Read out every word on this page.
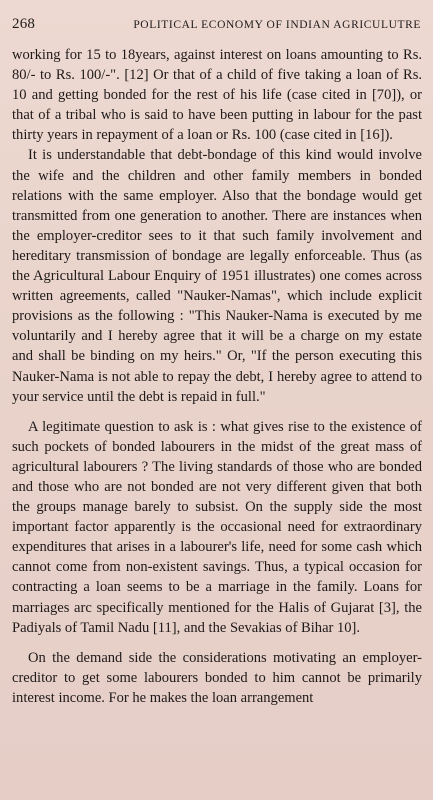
268	POLITICAL ECONOMY OF INDIAN AGRICULUTRE

working for 15 to 18years, against interest on loans amounting to Rs. 80/- to Rs. 100/-". [12] Or that of a child of five taking a loan of Rs. 10 and getting bonded for the rest of his life (case cited in [70]), or that of a tribal who is said to have been putting in labour for the past thirty years in repayment of a loan or Rs. 100 (case cited in [16]).

It is understandable that debt-bondage of this kind would involve the wife and the children and other family members in bonded relations with the same employer. Also that the bondage would get transmitted from one generation to another. There are instances when the employer-creditor sees to it that such family involvement and hereditary transmission of bondage are legally enforceable. Thus (as the Agricultural Labour Enquiry of 1951 illustrates) one comes across written agreements, called "Nauker-Namas", which include explicit provisions as the following : "This Nauker-Nama is executed by me voluntarily and I hereby agree that it will be a charge on my estate and shall be binding on my heirs." Or, "If the person executing this Nauker-Nama is not able to repay the debt, I hereby agree to attend to your service until the debt is repaid in full."

A legitimate question to ask is : what gives rise to the existence of such pockets of bonded labourers in the midst of the great mass of agricultural labourers ? The living standards of those who are bonded and those who are not bonded are not very different given that both the groups manage barely to subsist. On the supply side the most important factor apparently is the occasional need for extraordinary expenditures that arises in a labourer's life, need for some cash which cannot come from non-existent savings. Thus, a typical occasion for contracting a loan seems to be a marriage in the family. Loans for marriages arc specifically mentioned for the Halis of Gujarat [3], the Padiyals of Tamil Nadu [11], and the Sevakias of Bihar 10].

On the demand side the considerations motivating an employer-creditor to get some labourers bonded to him cannot be primarily interest income. For he makes the loan arrangement
